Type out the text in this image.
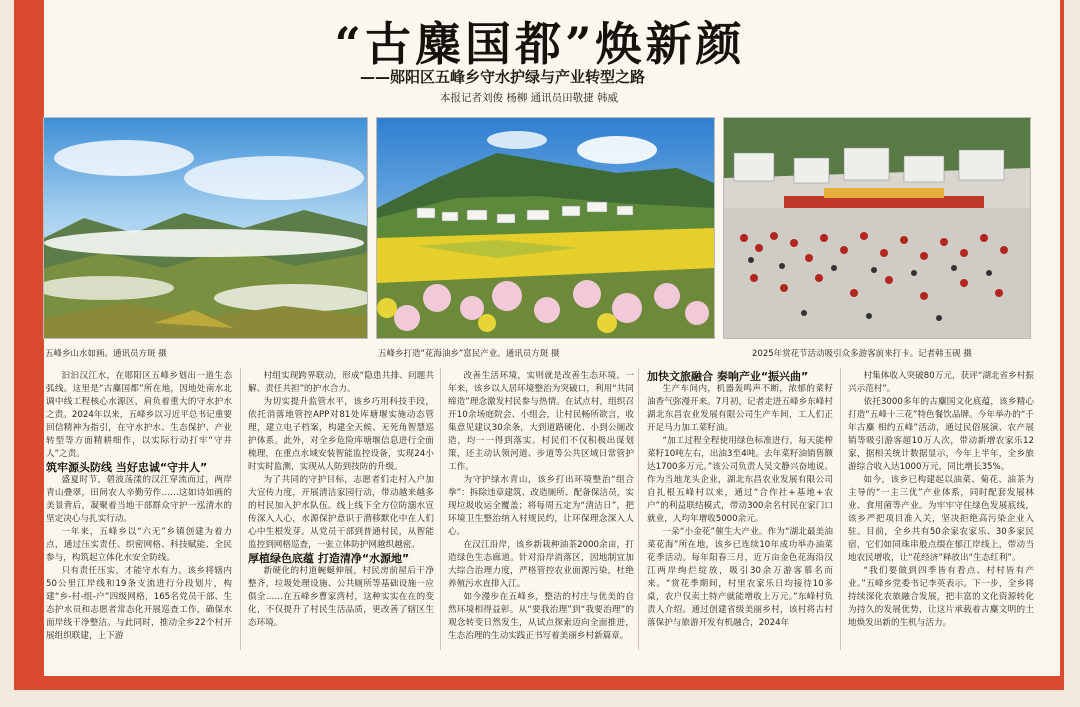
“古麋国都”焕新颜
——郧阳区五峰乡守水护绿与产业转型之路
本报记者刘俊 杨柳 通讯员田敬捷 韩威
五峰乡山水如画。通讯员方斑 摄	五峰乡打造“花海油乡”富民产业。通讯员方斑 摄	2025年赏花节活动吸引众多游客前来打卡。记者韩玉砚 摄

汩汩汉江水，在郧阳区五峰乡划出一道生态弧线。这里是“古麋国都”所在地，因地处南水北调中线工程核心水源区，肩负着重大的守水护水之责。2024年以来，五峰乡以习近平总书记重要回信精神为指引，在守水护水、生态保护、产业转型等方面精耕细作，以实际行动打牢“守井人”之责。

筑牢源头防线 当好忠诚“守井人”

盛夏时节，碧波荡漾的汉江穿流而过，两岸青山叠翠，田间农人辛勤劳作……这如诗如画的美景背后，凝聚着当地干部群众守护一泓清水的坚定决心与扎实行动。

一年来，五峰乡以“六无”乡镇创建为着力点，通过压实责任、织密网格、科技赋能、全民参与，构筑起立体化水安全防线。

只有责任压实，才能守水有力。该乡将辖内50公里江岸线和19条支流进行分段划片，构建“乡-村-组-户”四级网格，165名党员干部、生态护水员和志愿者常态化开展巡查工作，确保水面岸线干净整洁。与此同时，推动全乡22个村开展组织联建，上下游

村组实现跨界联动，形成“隐患共排、问题共解、责任共担”的护水合力。

为切实提升监管水平，该乡巧用科技手段，依托消落地管控APP对81处库塘堰实施动态管理，建立电子档案，构建全天候、无死角智慧巡护体系。此外，对全乡危险库塘堰信息进行全面梳理，在重点水域安装智能监控设备，实现24小时实时监测，实现从人防到技防的升级。

为了共同的守护目标，志愿者们走村入户加大宣传力度，开展清洁家园行动，带动越来越多的村民加入护水队伍。线上线下全方位防溺水宣传深入人心，水源保护意识于潜移默化中在人们心中生根发芽。从党员干部到普通村民，从智能监控到网格巡查，一张立体防护网越织越密。

厚植绿色底蕴 打造清净“水源地”

新硬化的村道蜿蜒伸展，村民房前屋后干净整齐，垃圾处理设施、公共厕所等基础设施一应俱全……在五峰乡曹家湾村，这种实实在在的变化，不仅提升了村民生活品质，更改善了辖区生态环境。

改善生活环境，实则就是改善生态环境。一年来，该乡以人居环境整治为突破口，利用“共同缔造”理念激发村民参与热情。在试点村，组织召开10余场庭院会、小组会，让村民畅所欲言，收集意见建议30余条，大到道路硬化、小到公厕改造，均一一得到落实。村民们不仅积极出谋划策，还主动认领河道、步道等公共区域日常管护工作。

为守护绿水青山，该乡打出环境整治“组合拳”：拆除违章建筑、改造厕所、配备保洁员，实现垃圾收运全覆盖；将每周五定为“清洁日”，把环境卫生整治纳入村规民约，让环保理念深入人心。

在汉江沿岸，该乡新栽种油茶2000余亩，打造绿色生态廊道。针对沿岸消落区，因地制宜加大综合治理力度，严格管控农业面源污染，杜绝养殖污水直排入江。

如今漫步在五峰乡，整洁的村庄与优美的自然环境相得益彰。从“要我治理”到“我要治理”的观念转变日然发生，从试点探索迈向全面推进，生态治理的生动实践正书写着美丽乡村新篇章。

加快文旅融合 奏响产业“振兴曲”

生产车间内，机器轰鸣声不断，浓郁的菜籽油香气弥漫开来。7月初，记者走进五峰乡东峰村湖北东昌农业发展有限公司生产车间，工人们正开足马力加工菜籽油。

“加工过程全程使用绿色标准进行，每天能榨菜籽10吨左右，出油3至4吨。去年菜籽油销售额达1700多万元。”该公司负责人吴文静兴奋地说。作为当地龙头企业，湖北东昌农业发展有限公司自扎根五峰村以来，通过“合作社+基地+农户”的利益联结模式，带动300余名村民在家门口就业，人均年增收5000余元。

一朵“小金花”催生大产业。作为“湖北最美油菜花海”所在地，该乡已连续10年成功举办油菜花季活动。每年阳春三月，近万亩金色花海沿汉江两岸绚烂绽放，吸引30余万游客慕名而来。“赏花季期间，村里农家乐日均接待10多桌，农户仅卖土特产就能增收上万元。”东峰村负责人介绍。通过创建省级美丽乡村，该村将古村落保护与旅游开发有机融合，2024年

村集体收入突破80万元，获评“湖北省乡村振兴示范村”。

依托3000多年的古麋国文化底蕴，该乡精心打造“五峰十三花”特色餐饮品牌。今年举办的“千年古麋 相约五峰”活动，通过民俗展演、农产展销等吸引游客超10万人次，带动新增农家乐12家，据相关统计数据显示，今年上半年，全乡旅游综合收入达1000万元，同比增长35%。

如今，该乡已构建起以油菜、菊花、油茶为主导的“一主三优”产业体系，同时配套发展林业、食用菌等产业。为牢牢守住绿色发展底线，该乡严把项目准入关，坚决拒绝高污染企业入驻。目前，全乡共有50余家农家乐、30多家民宿，它们如同珠串般点缀在郁江岸线上，带动当地农民增收，让“花经济”释放出“生态红利”。

“我们要做到四季皆有看点、村村皆有产业。”五峰乡党委书记李英表示。下一步，全乡将持续深化农旅融合发展，把丰富的文化资源转化为持久的发展优势，让这片承载着古麋文明的土地焕发出新的生机与活力。
